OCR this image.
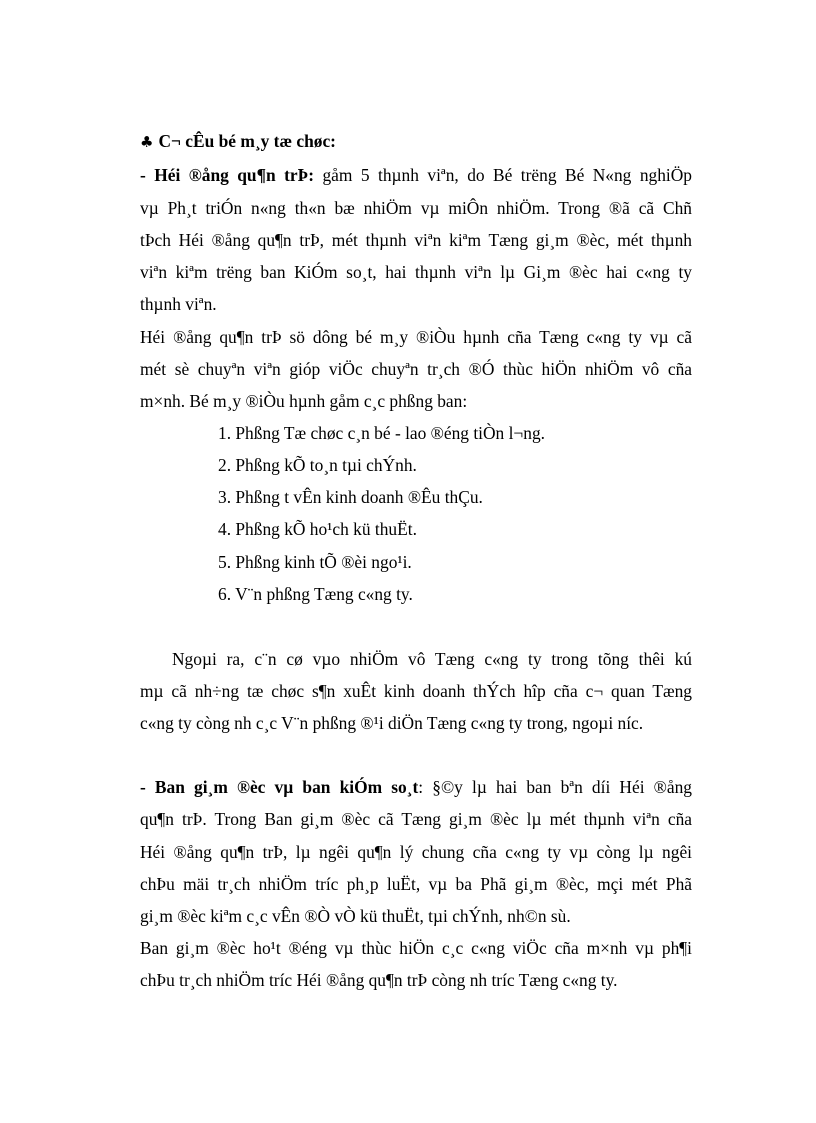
♣ C¬ cÊu bé m¸y tæ chøc:
- Héi ®ång qu¶n trÞ: gåm 5 thµnh viªn, do Bé trëng Bé N«ng nghiÖp
vµ Ph¸t triÓn n«ng th«n bæ nhiÖm vµ miÔn nhiÖm. Trong ®ã cã Chñ
tÞch Héi ®ång qu¶n trÞ, mét thµnh viªn kiªm Tæng gi¸m ®èc, mét thµnh
viªn kiªm trëng ban KiÓm so¸t, hai thµnh viªn lµ Gi¸m ®èc hai c«ng ty
thµnh viªn.
Héi ®ång qu¶n trÞ sö dông bé m¸y ®iÒu hµnh cña Tæng c«ng ty vµ cã
mét sè chuyªn viªn gióp viÖc chuyªn tr¸ch ®Ó thùc hiÖn nhiÖm vô cña
m×nh. Bé m¸y ®iÒu hµnh gåm c¸c phßng ban:
1. Phßng Tæ chøc c¸n bé - lao ®éng tiÒn l¬ng.
2. Phßng kÕ to¸n tµi chÝnh.
3. Phßng t vÊn kinh doanh ®Êu thÇu.
4. Phßng kÕ ho¹ch kü thuËt.
5. Phßng kinh tÕ ®èi ngo¹i.
6. V¨n phßng Tæng c«ng ty.
Ngoµi ra, c¨n cø vµo nhiÖm vô Tæng c«ng ty trong tõng thêi kú
mµ cã nh÷ng tæ chøc s¶n xuÊt kinh doanh thÝch hîp cña c¬ quan Tæng
c«ng ty còng nh c¸c V¨n phßng ®¹i diÖn Tæng c«ng ty trong, ngoµi níc.
- Ban gi¸m ®èc vµ ban kiÓm so¸t: §©y lµ hai ban bªn díi Héi ®ång
qu¶n trÞ. Trong Ban gi¸m ®èc cã Tæng gi¸m ®èc lµ mét thµnh viªn cña
Héi ®ång qu¶n trÞ, lµ ngêi qu¶n lý chung cña c«ng ty vµ còng lµ ngêi
chÞu mäi tr¸ch nhiÖm tríc ph¸p luËt, vµ ba Phã gi¸m ®èc, mçi mét Phã
gi¸m ®èc kiªm c¸c vÊn ®Ò vÒ kü thuËt, tµi chÝnh, nh©n sù.
Ban gi¸m ®èc ho¹t ®éng vµ thùc hiÖn c¸c c«ng viÖc cña m×nh vµ ph¶i
chÞu tr¸ch nhiÖm tríc Héi ®ång qu¶n trÞ còng nh tríc Tæng c«ng ty.
